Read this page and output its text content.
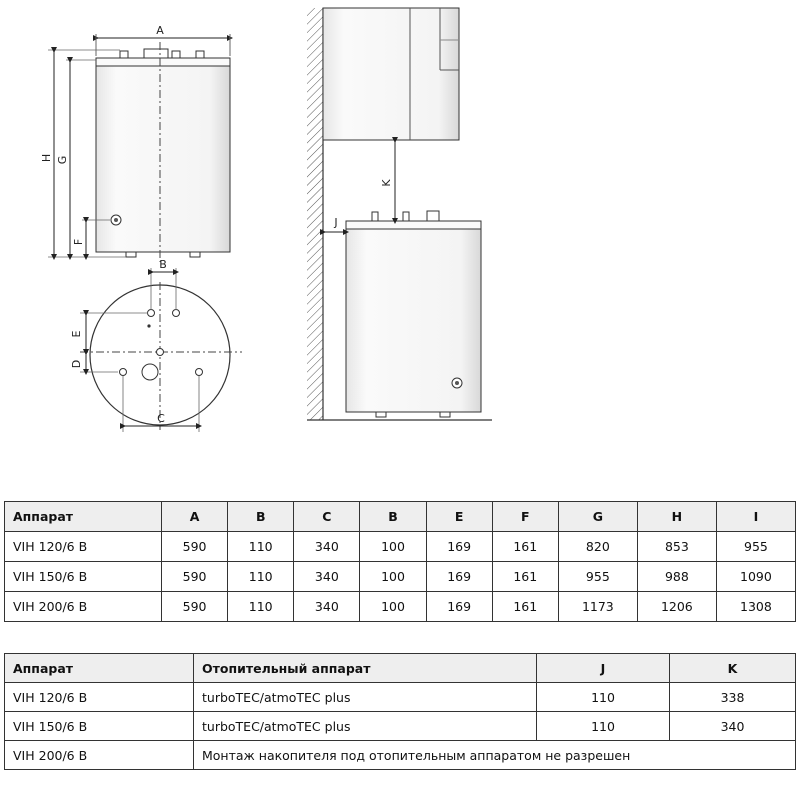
A
H G
F
B
E
D
C
K
J
Аппарат	A	B	C	B	E	F	G	H	I
VIH 120/6 B	590	110	340	100	169	161	820	853	955
VIH 150/6 B	590	110	340	100	169	161	955	988	1090
VIH 200/6 B	590	110	340	100	169	161	1173	1206	1308
Аппарат	Отопительный аппарат	J	K
VIH 120/6 B	turboTEC/atmoTEC plus	110	338
VIH 150/6 B	turboTEC/atmoTEC plus	110	340
VIH 200/6 B	Монтаж накопителя под отопительным аппаратом не разрешен		
